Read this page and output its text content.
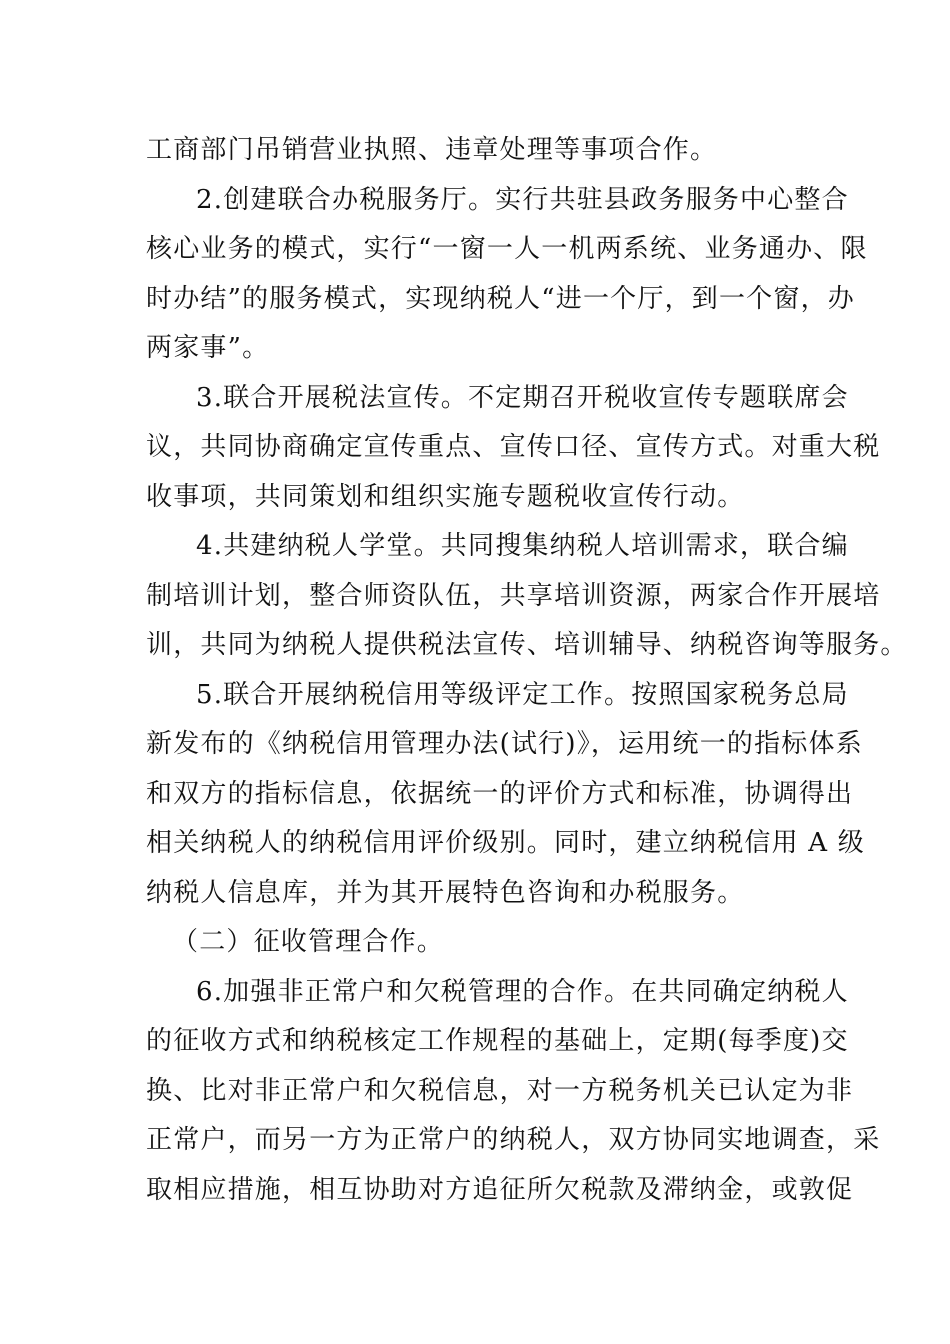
工商部门吊销营业执照、违章处理等事项合作。
2.创建联合办税服务厅。实行共驻县政务服务中心整合
核心业务的模式，实行“一窗一人一机两系统、业务通办、限
时办结”的服务模式，实现纳税人“进一个厅，到一个窗，办
两家事”。
3.联合开展税法宣传。不定期召开税收宣传专题联席会
议，共同协商确定宣传重点、宣传口径、宣传方式。对重大税
收事项，共同策划和组织实施专题税收宣传行动。
4.共建纳税人学堂。共同搜集纳税人培训需求，联合编
制培训计划，整合师资队伍，共享培训资源，两家合作开展培
训，共同为纳税人提供税法宣传、培训辅导、纳税咨询等服务。
5.联合开展纳税信用等级评定工作。按照国家税务总局
新发布的《纳税信用管理办法(试行)》，运用统一的指标体系
和双方的指标信息，依据统一的评价方式和标准，协调得出
相关纳税人的纳税信用评价级别。同时，建立纳税信用 A 级
纳税人信息库，并为其开展特色咨询和办税服务。
（二）征收管理合作。
6.加强非正常户和欠税管理的合作。在共同确定纳税人
的征收方式和纳税核定工作规程的基础上，定期(每季度)交
换、比对非正常户和欠税信息，对一方税务机关已认定为非
正常户，而另一方为正常户的纳税人，双方协同实地调查，采
取相应措施，相互协助对方追征所欠税款及滞纳金，或敦促
